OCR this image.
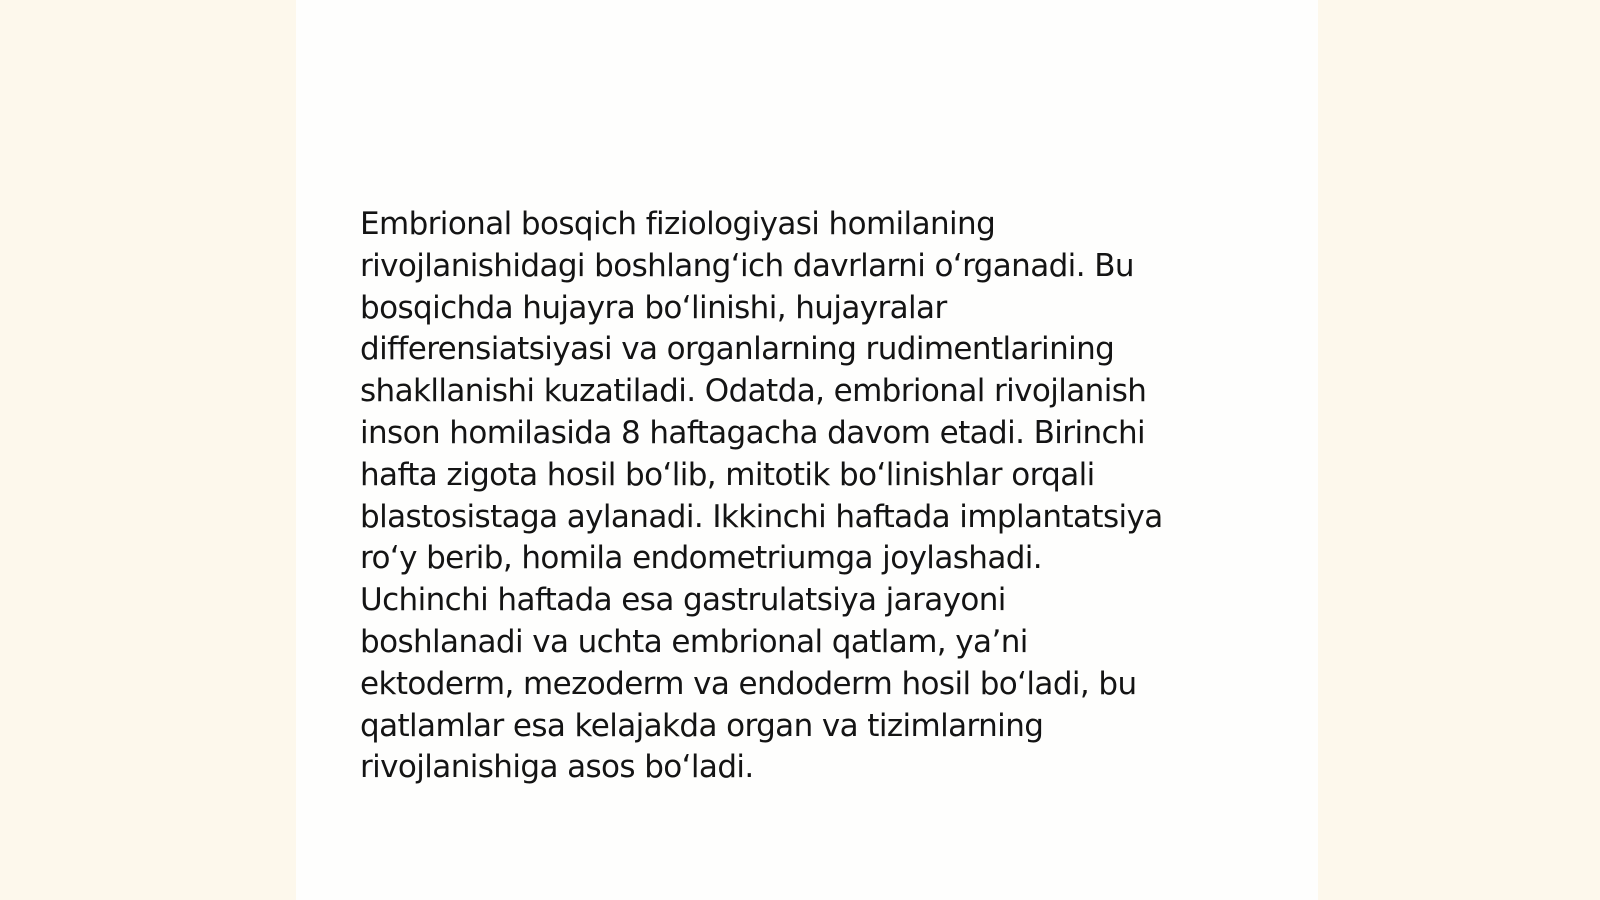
Embrional bosqich fiziologiyasi homilaning
rivojlanishidagi boshlang‘ich davrlarni o‘rganadi. Bu
bosqichda hujayra bo‘linishi, hujayralar
differensiatsiyasi va organlarning rudimentlarining
shakllanishi kuzatiladi. Odatda, embrional rivojlanish
inson homilasida 8 haftagacha davom etadi. Birinchi
hafta zigota hosil bo‘lib, mitotik bo‘linishlar orqali
blastosistaga aylanadi. Ikkinchi haftada implantatsiya
ro‘y berib, homila endometriumga joylashadi.
Uchinchi haftada esa gastrulatsiya jarayoni
boshlanadi va uchta embrional qatlam, ya’ni
ektoderm, mezoderm va endoderm hosil bo‘ladi, bu
qatlamlar esa kelajakda organ va tizimlarning
rivojlanishiga asos bo‘ladi.
